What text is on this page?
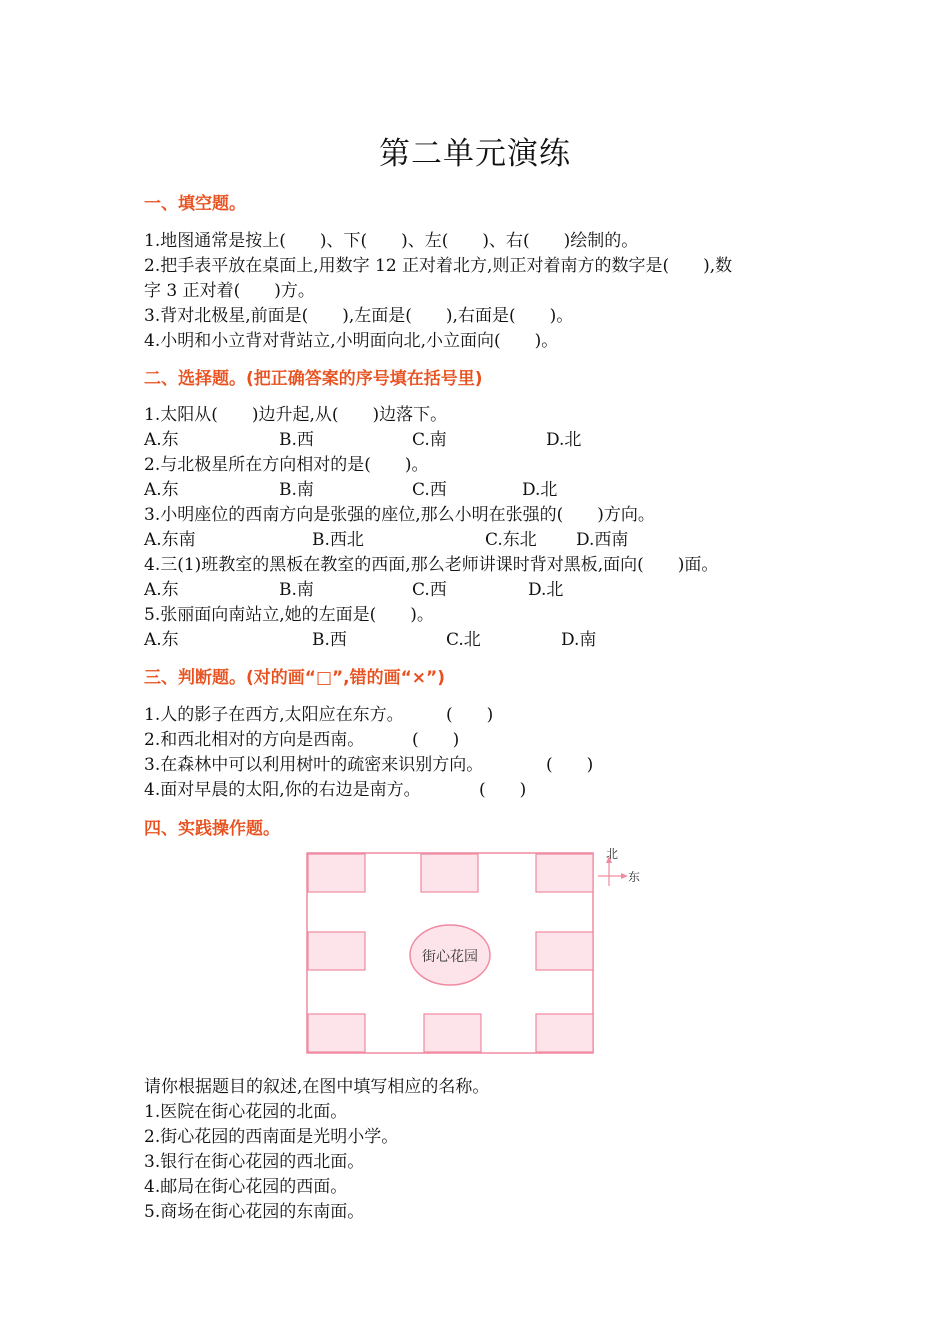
第二单元演练
一、填空题。
1.地图通常是按上(　　)、下(　　)、左(　　)、右(　　)绘制的。
2.把手表平放在桌面上,用数字 12 正对着北方,则正对着南方的数字是(　　),数
字 3 正对着(　　)方。
3.背对北极星,前面是(　　),左面是(　　),右面是(　　)。
4.小明和小立背对背站立,小明面向北,小立面向(　　)。
二、选择题。(把正确答案的序号填在括号里)
1.太阳从(　　)边升起,从(　　)边落下。
A.东	B.西	C.南	D.北
2.与北极星所在方向相对的是(　　)。
A.东	B.南	C.西	D.北
3.小明座位的西南方向是张强的座位,那么小明在张强的(　　)方向。
A.东南	B.西北	C.东北 D.西南
4.三(1)班教室的黑板在教室的西面,那么老师讲课时背对黑板,面向(　　)面。
A.东	B.南	C.西	D.北
5.张丽面向南站立,她的左面是(　　)。
A.东	B.西	C.北	D.南
三、判断题。(对的画“□”,错的画“×”)
1.人的影子在西方,太阳应在东方。 (　　)
2.和西北相对的方向是西南。	(　　)
3.在森林中可以利用树叶的疏密来识别方向。	(　　)
4.面对早晨的太阳,你的右边是南方。	(　　)
四、实践操作题。
街心花园
北
东
请你根据题目的叙述,在图中填写相应的名称。
1.医院在街心花园的北面。
2.街心花园的西南面是光明小学。
3.银行在街心花园的西北面。
4.邮局在街心花园的西面。
5.商场在街心花园的东南面。
